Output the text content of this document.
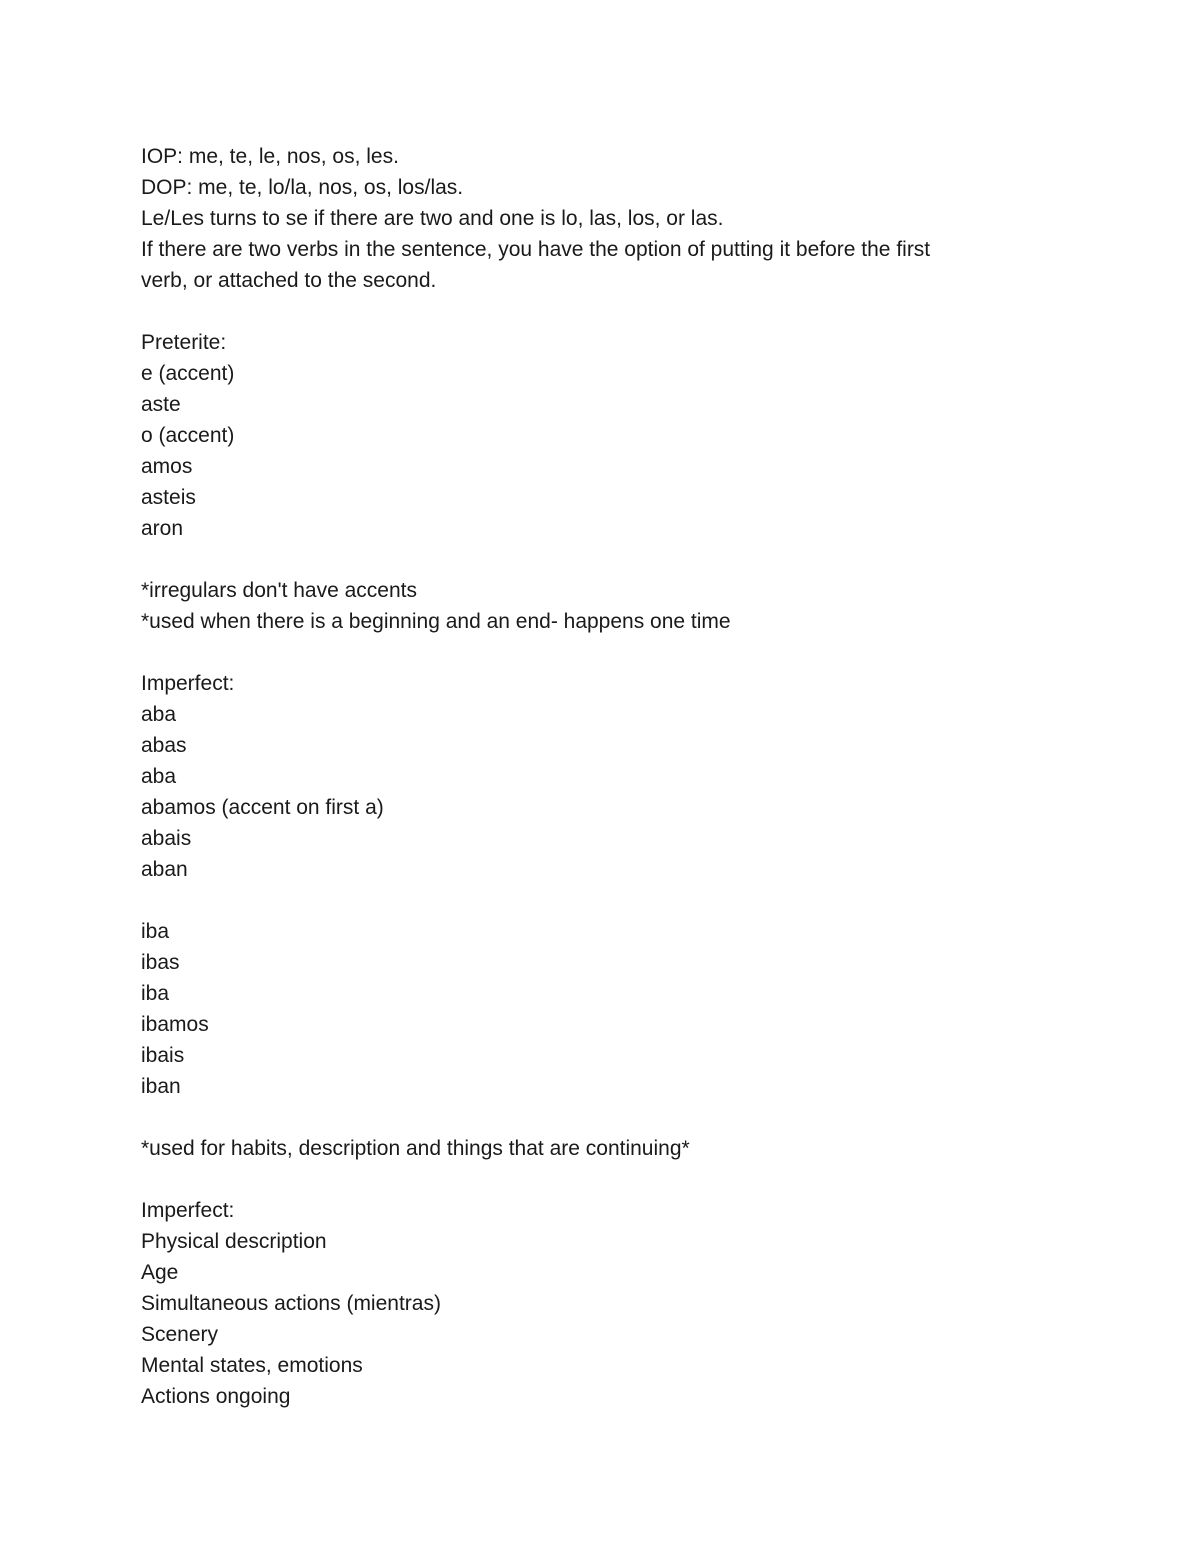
IOP: me, te, le, nos, os, les.
DOP: me, te, lo/la, nos, os, los/las.
Le/Les turns to se if there are two and one is lo, las, los, or las.
If there are two verbs in the sentence, you have the option of putting it before the first
verb, or attached to the second.
Preterite:
e (accent)
aste
o (accent)
amos
asteis
aron
*irregulars don't have accents
*used when there is a beginning and an end- happens one time
Imperfect:
aba
abas
aba
abamos (accent on first a)
abais
aban
iba
ibas
iba
ibamos
ibais
iban
*used for habits, description and things that are continuing*
Imperfect:
Physical description
Age
Simultaneous actions (mientras)
Scenery
Mental states, emotions
Actions ongoing
